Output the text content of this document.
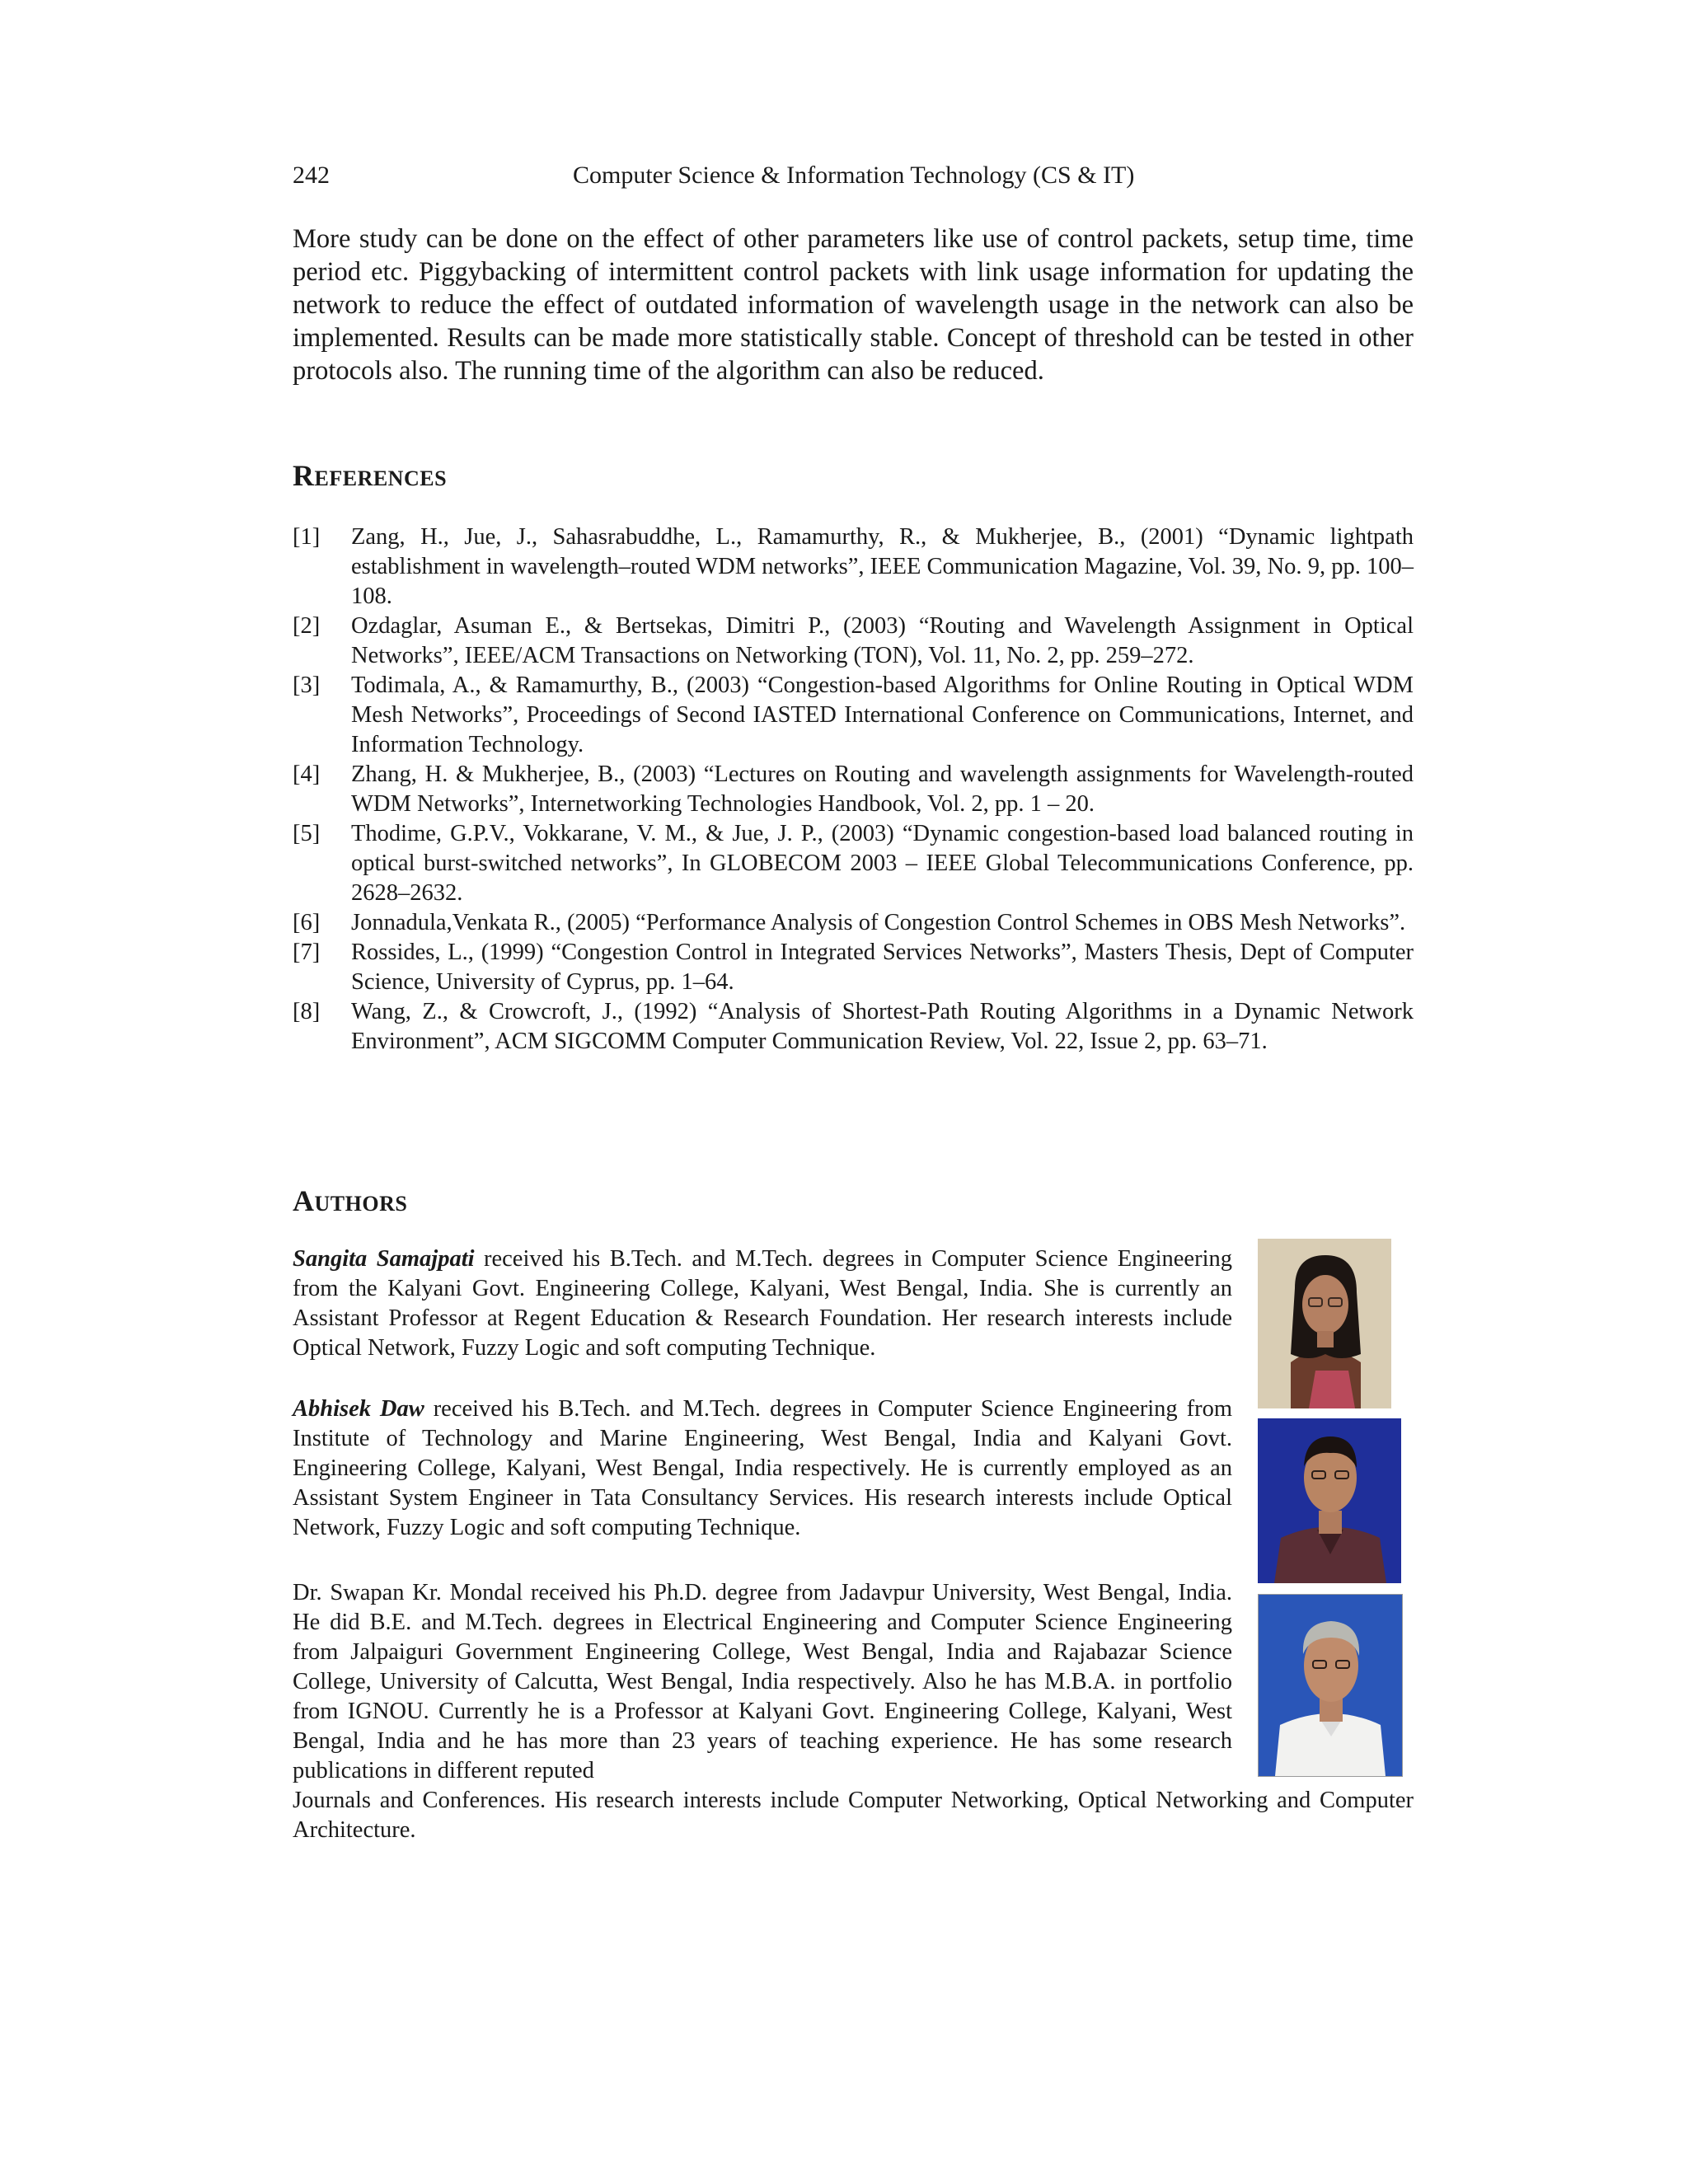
242	Computer Science & Information Technology (CS & IT)

More study can be done on the effect of other parameters like use of control packets, setup time, time period etc. Piggybacking of intermittent control packets with link usage information for updating the network to reduce the effect of outdated information of wavelength usage in the network can also be implemented. Results can be made more statistically stable. Concept of threshold can be tested in other protocols also. The running time of the algorithm can also be reduced.

REFERENCES
[1] Zang, H., Jue, J., Sahasrabuddhe, L., Ramamurthy, R., & Mukherjee, B., (2001) “Dynamic lightpath establishment in wavelength–routed WDM networks”, IEEE Communication Magazine, Vol. 39, No. 9, pp. 100–108.
[2] Ozdaglar, Asuman E., & Bertsekas, Dimitri P., (2003) “Routing and Wavelength Assignment in Optical Networks”, IEEE/ACM Transactions on Networking (TON), Vol. 11, No. 2, pp. 259–272.
[3] Todimala, A., & Ramamurthy, B., (2003) “Congestion-based Algorithms for Online Routing in Optical WDM Mesh Networks”, Proceedings of Second IASTED International Conference on Communications, Internet, and Information Technology.
[4] Zhang, H. & Mukherjee, B., (2003) “Lectures on Routing and wavelength assignments for Wavelength-routed WDM Networks”, Internetworking Technologies Handbook, Vol. 2, pp. 1 – 20.
[5] Thodime, G.P.V., Vokkarane, V. M., & Jue, J. P., (2003) “Dynamic congestion-based load balanced routing in optical burst-switched networks”, In GLOBECOM 2003 – IEEE Global Telecommunications Conference, pp. 2628–2632.
[6] Jonnadula,Venkata R., (2005) “Performance Analysis of Congestion Control Schemes in OBS Mesh Networks”.
[7] Rossides, L., (1999) “Congestion Control in Integrated Services Networks”, Masters Thesis, Dept of Computer Science, University of Cyprus, pp. 1–64.
[8] Wang, Z., & Crowcroft, J., (1992) “Analysis of Shortest-Path Routing Algorithms in a Dynamic Network Environment”, ACM SIGCOMM Computer Communication Review, Vol. 22, Issue 2, pp. 63–71.
AUTHORS

Sangita Samajpati received his B.Tech. and M.Tech. degrees in Computer Science Engineering from the Kalyani Govt. Engineering College, Kalyani, West Bengal, India. She is currently an Assistant Professor at Regent Education & Research Foundation. Her research interests include Optical Network, Fuzzy Logic and soft computing Technique.

Abhisek Daw received his B.Tech. and M.Tech. degrees in Computer Science Engineering from Institute of Technology and Marine Engineering, West Bengal, India and Kalyani Govt. Engineering College, Kalyani, West Bengal, India respectively. He is currently employed as an Assistant System Engineer in Tata Consultancy Services. His research interests include Optical Network, Fuzzy Logic and soft computing Technique.

Dr. Swapan Kr. Mondal received his Ph.D. degree from Jadavpur University, West Bengal, India. He did B.E. and M.Tech. degrees in Electrical Engineering and Computer Science Engineering from Jalpaiguri Government Engineering College, West Bengal, India and Rajabazar Science College, University of Calcutta, West Bengal, India respectively. Also he has M.B.A. in portfolio from IGNOU. Currently he is a Professor at Kalyani Govt. Engineering College, Kalyani, West Bengal, India and he has more than 23 years of teaching experience. He has some research publications in different reputed
Journals and Conferences. His research interests include Computer Networking, Optical Networking and Computer Architecture.
